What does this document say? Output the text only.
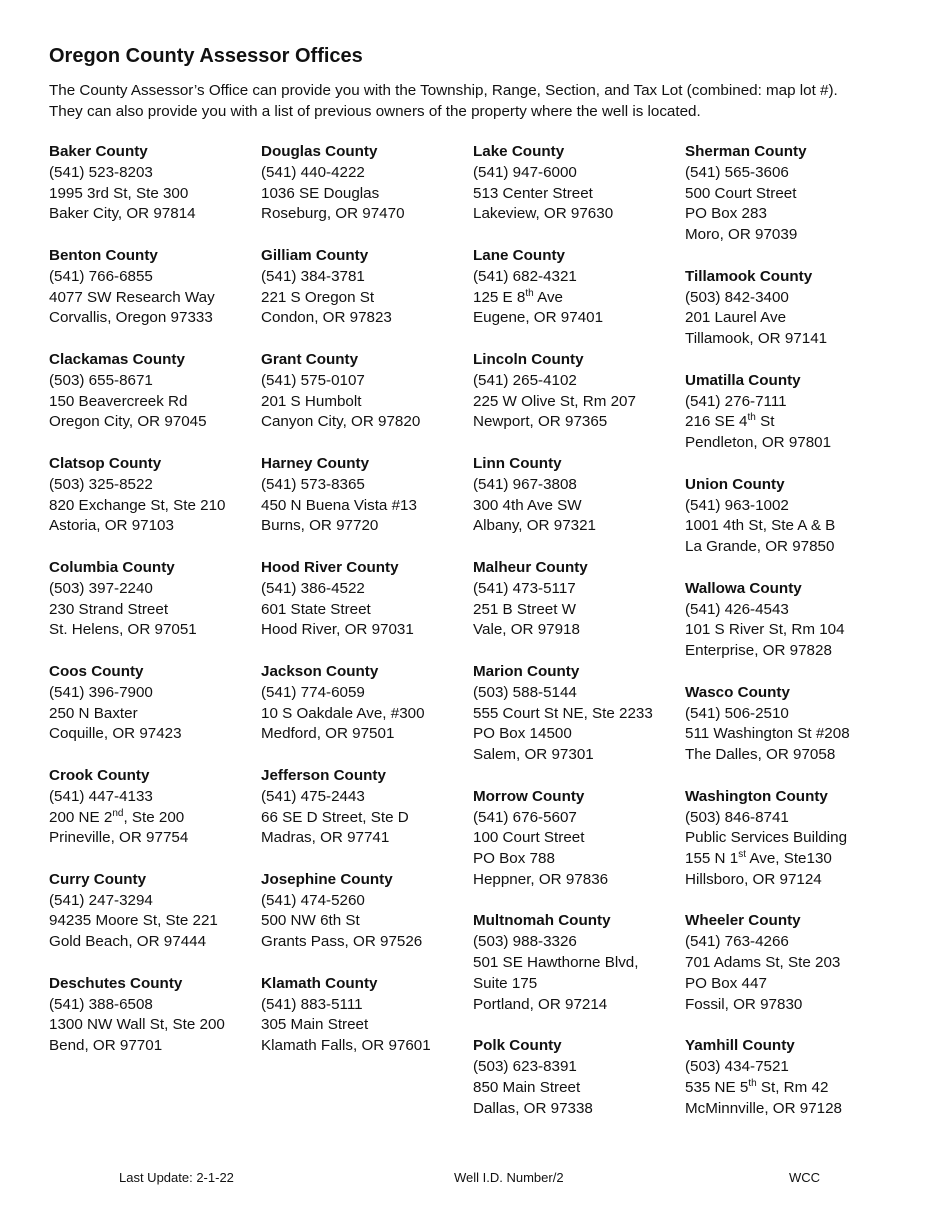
Oregon County Assessor Offices
The County Assessor’s Office can provide you with the Township, Range, Section, and Tax Lot (combined: map lot #).
They can also provide you with a list of previous owners of the property where the well is located.
Baker County
(541) 523-8203
1995 3rd St, Ste 300
Baker City, OR 97814
Benton County
(541) 766-6855
4077 SW Research Way
Corvallis, Oregon 97333
Clackamas County
(503) 655-8671
150 Beavercreek Rd
Oregon City, OR 97045
Clatsop County
(503) 325-8522
820 Exchange St, Ste 210
Astoria, OR 97103
Columbia County
(503) 397-2240
230 Strand Street
St. Helens, OR 97051
Coos County
(541) 396-7900
250 N Baxter
Coquille, OR 97423
Crook County
(541) 447-4133
200 NE 2nd, Ste 200
Prineville, OR 97754
Curry County
(541) 247-3294
94235 Moore St, Ste 221
Gold Beach, OR 97444
Deschutes County
(541) 388-6508
1300 NW Wall St, Ste 200
Bend, OR 97701
Douglas County
(541) 440-4222
1036 SE Douglas
Roseburg, OR 97470
Gilliam County
(541) 384-3781
221 S Oregon St
Condon, OR 97823
Grant County
(541) 575-0107
201 S Humbolt
Canyon City, OR 97820
Harney County
(541) 573-8365
450 N Buena Vista #13
Burns, OR 97720
Hood River County
(541) 386-4522
601 State Street
Hood River, OR 97031
Jackson County
(541) 774-6059
10 S Oakdale Ave, #300
Medford, OR 97501
Jefferson County
(541) 475-2443
66 SE D Street, Ste D
Madras, OR 97741
Josephine County
(541) 474-5260
500 NW 6th St
Grants Pass, OR 97526
Klamath County
(541) 883-5111
305 Main Street
Klamath Falls, OR 97601
Lake County
(541) 947-6000
513 Center Street
Lakeview, OR 97630
Lane County
(541) 682-4321
125 E 8th Ave
Eugene, OR 97401
Lincoln County
(541) 265-4102
225 W Olive St, Rm 207
Newport, OR 97365
Linn County
(541) 967-3808
300 4th Ave SW
Albany, OR 97321
Malheur County
(541) 473-5117
251 B Street W
Vale, OR 97918
Marion County
(503) 588-5144
555 Court St NE, Ste 2233
PO Box 14500
Salem, OR 97301
Morrow County
(541) 676-5607
100 Court Street
PO Box 788
Heppner, OR 97836
Multnomah County
(503) 988-3326
501 SE Hawthorne Blvd,
Suite 175
Portland, OR 97214
Polk County
(503) 623-8391
850 Main Street
Dallas, OR 97338
Sherman County
(541) 565-3606
500 Court Street
PO Box 283
Moro, OR 97039
Tillamook County
(503) 842-3400
201 Laurel Ave
Tillamook, OR 97141
Umatilla County
(541) 276-7111
216 SE 4th St
Pendleton, OR 97801
Union County
(541) 963-1002
1001 4th St, Ste A & B
La Grande, OR 97850
Wallowa County
(541) 426-4543
101 S River St, Rm 104
Enterprise, OR 97828
Wasco County
(541) 506-2510
511 Washington St #208
The Dalles, OR 97058
Washington County
(503) 846-8741
Public Services Building
155 N 1st Ave, Ste130
Hillsboro, OR 97124
Wheeler County
(541) 763-4266
701 Adams St, Ste 203
PO Box 447
Fossil, OR 97830
Yamhill County
(503) 434-7521
535 NE 5th St, Rm 42
McMinnville, OR 97128
Last Update: 2-1-22	Well I.D. Number/2	WCC
